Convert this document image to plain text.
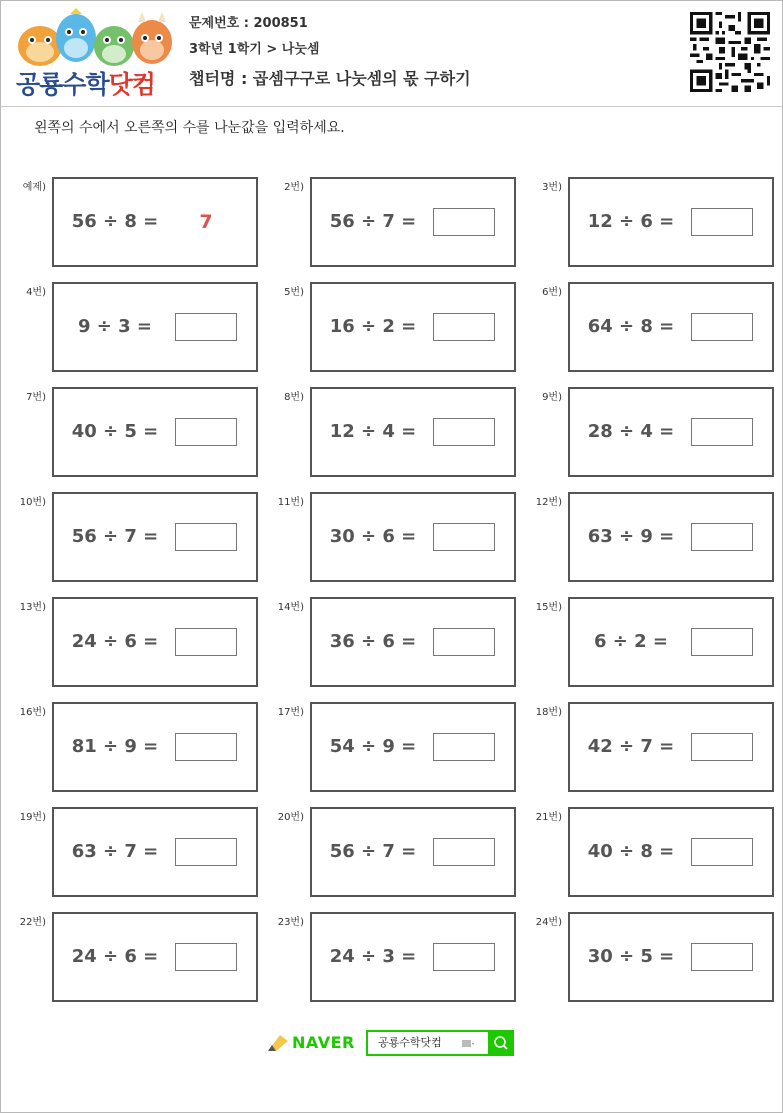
공룡수학닷컴
문제번호 : 200851
3학년 1학기 > 나눗셈
챕터명 : 곱셈구구로 나눗셈의 몫 구하기
왼쪽의 수에서 오른쪽의 수를 나눈값을 입력하세요.
예제)
56 ÷ 8 =	7
2번)
56 ÷ 7 =
3번)
12 ÷ 6 =
4번)
9 ÷ 3 =
5번)
16 ÷ 2 =
6번)
64 ÷ 8 =
7번)
40 ÷ 5 =
8번)
12 ÷ 4 =
9번)
28 ÷ 4 =
10번)
56 ÷ 7 =
11번)
30 ÷ 6 =
12번)
63 ÷ 9 =
13번)
24 ÷ 6 =
14번)
36 ÷ 6 =
15번)
6 ÷ 2 =
16번)
81 ÷ 9 =
17번)
54 ÷ 9 =
18번)
42 ÷ 7 =
19번)
63 ÷ 7 =
20번)
56 ÷ 7 =
21번)
40 ÷ 8 =
22번)
24 ÷ 6 =
23번)
24 ÷ 3 =
24번)
30 ÷ 5 =
NAVER 공룡수학닷컴
